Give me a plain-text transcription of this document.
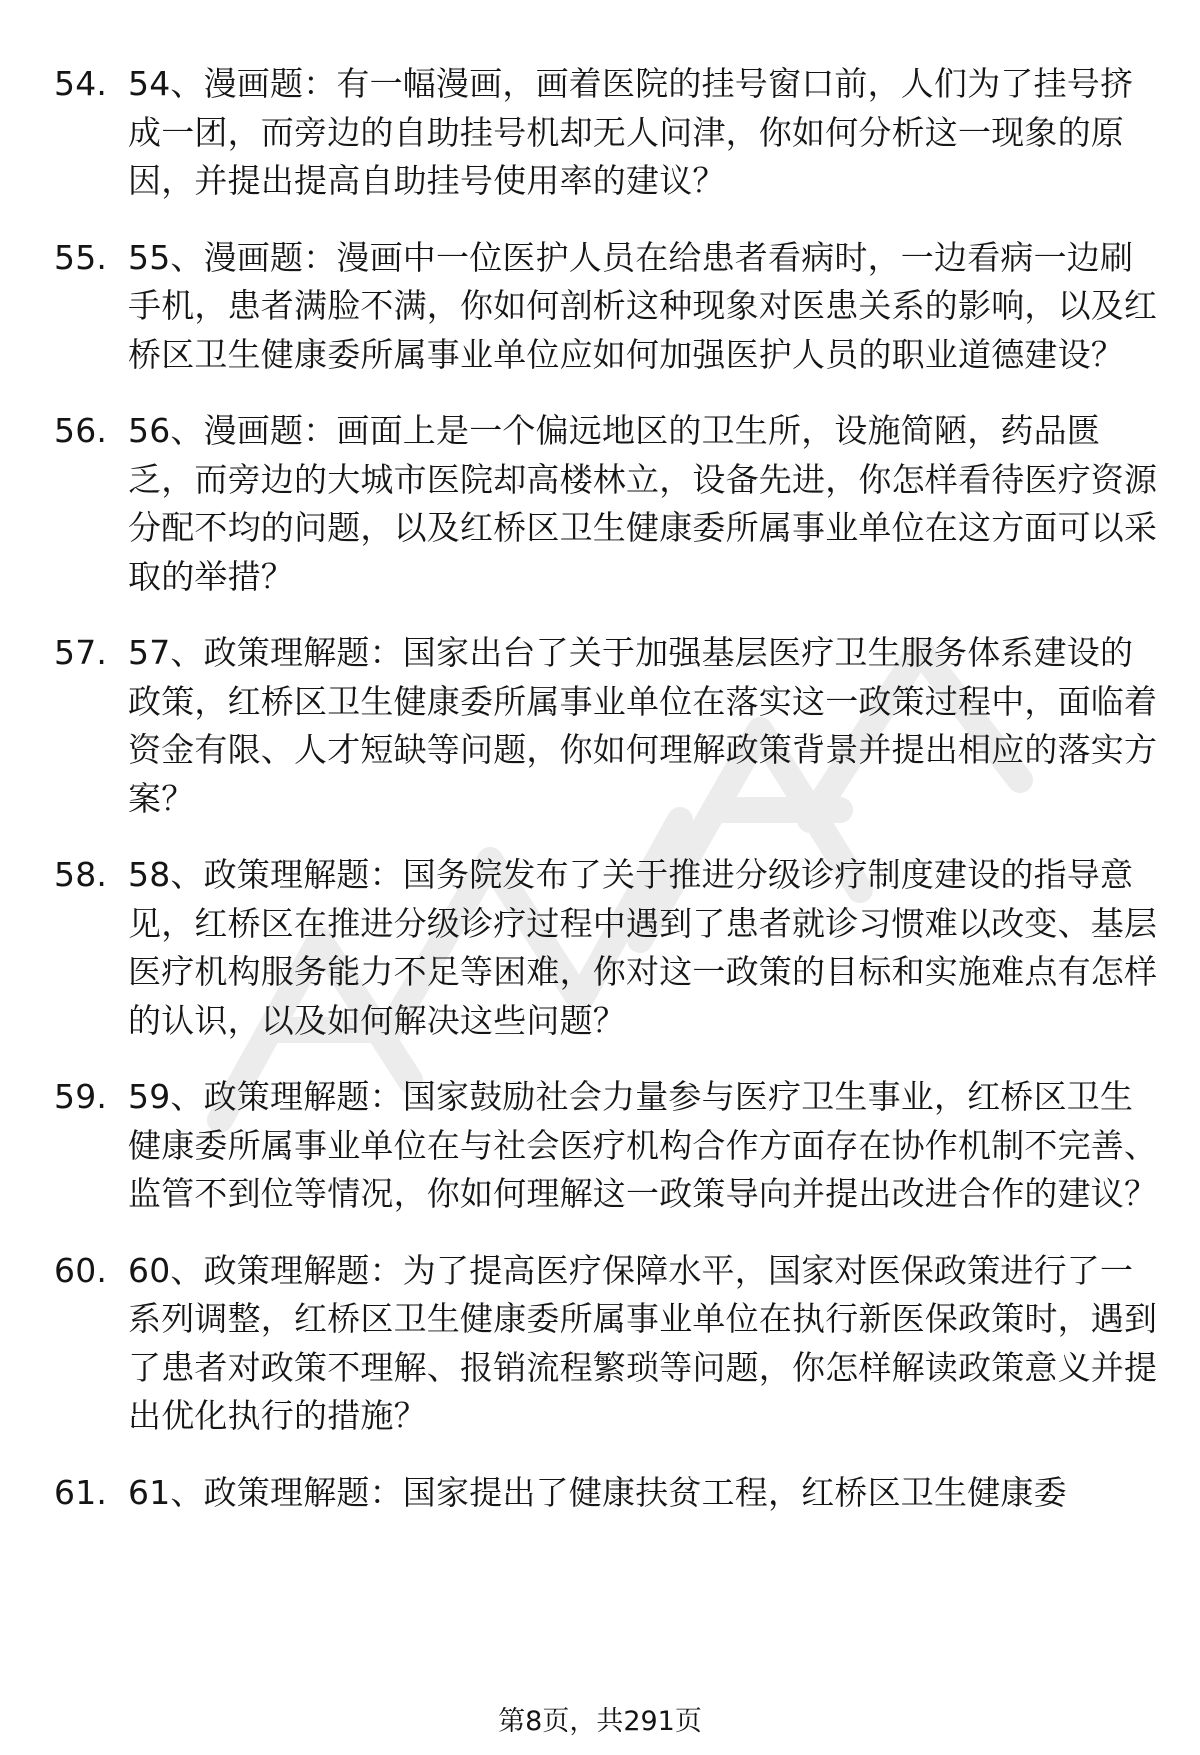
54. 54、漫画题：有一幅漫画，画着医院的挂号窗口前，人们为了挂号挤成一团，而旁边的自助挂号机却无人问津，你如何分析这一现象的原因，并提出提高自助挂号使用率的建议？
55. 55、漫画题：漫画中一位医护人员在给患者看病时，一边看病一边刷手机，患者满脸不满，你如何剖析这种现象对医患关系的影响，以及红桥区卫生健康委所属事业单位应如何加强医护人员的职业道德建设？
56. 56、漫画题：画面上是一个偏远地区的卫生所，设施简陋，药品匮乏，而旁边的大城市医院却高楼林立，设备先进，你怎样看待医疗资源分配不均的问题，以及红桥区卫生健康委所属事业单位在这方面可以采取的举措？
57. 57、政策理解题：国家出台了关于加强基层医疗卫生服务体系建设的政策，红桥区卫生健康委所属事业单位在落实这一政策过程中，面临着资金有限、人才短缺等问题，你如何理解政策背景并提出相应的落实方案？
58. 58、政策理解题：国务院发布了关于推进分级诊疗制度建设的指导意见，红桥区在推进分级诊疗过程中遇到了患者就诊习惯难以改变、基层医疗机构服务能力不足等困难，你对这一政策的目标和实施难点有怎样的认识，以及如何解决这些问题？
59. 59、政策理解题：国家鼓励社会力量参与医疗卫生事业，红桥区卫生健康委所属事业单位在与社会医疗机构合作方面存在协作机制不完善、监管不到位等情况，你如何理解这一政策导向并提出改进合作的建议？
60. 60、政策理解题：为了提高医疗保障水平，国家对医保政策进行了一系列调整，红桥区卫生健康委所属事业单位在执行新医保政策时，遇到了患者对政策不理解、报销流程繁琐等问题，你怎样解读政策意义并提出优化执行的措施？
61. 61、政策理解题：国家提出了健康扶贫工程，红桥区卫生健康委
第8页，共291页
